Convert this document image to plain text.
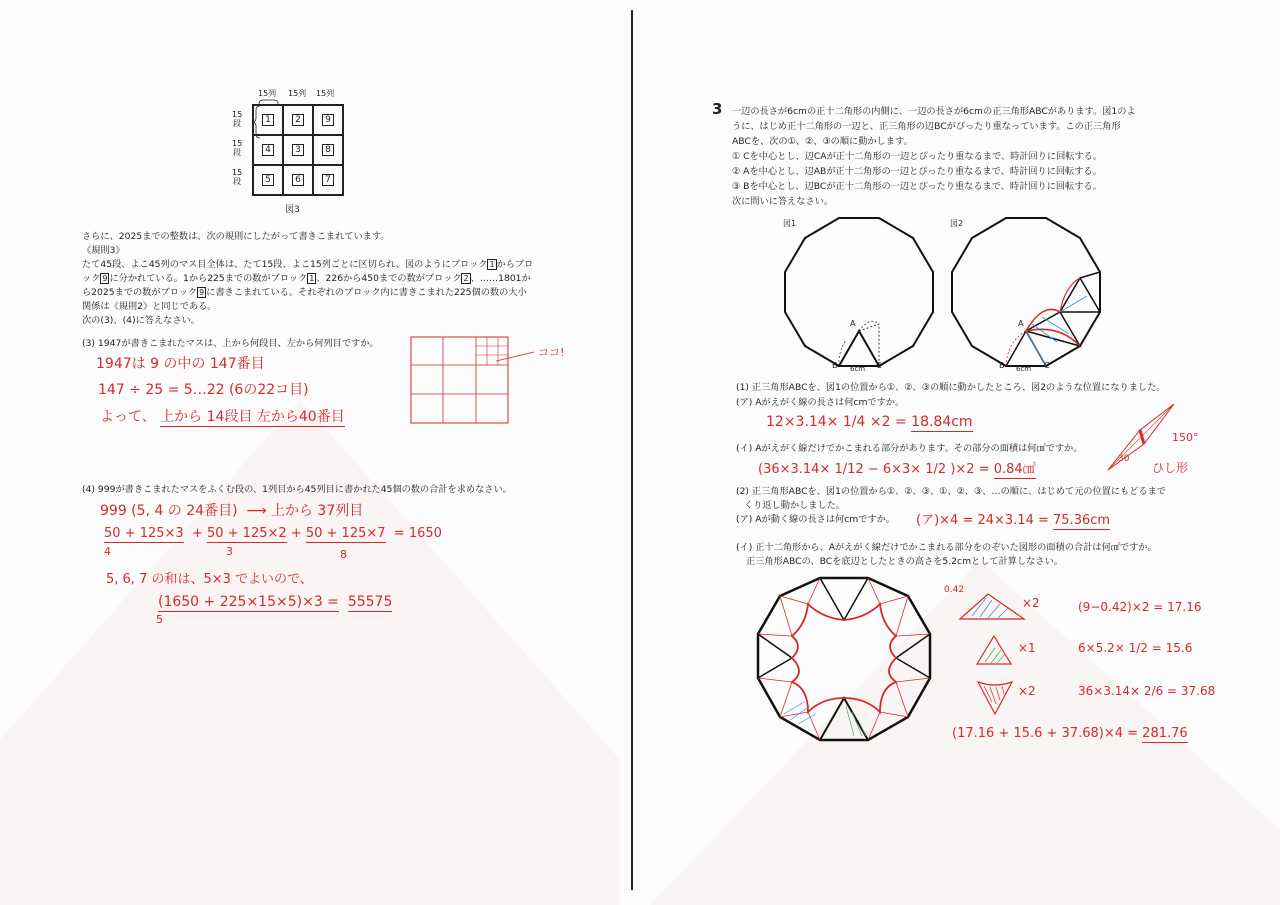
15列 15列 15列
15
段
15
段
15
段
1	2	9
4	3	8
5	6	7
図3
さらに、2025までの整数は、次の規則にしたがって書きこまれています。
《規則3》
たて45段、よこ45列のマス目全体は、たて15段、よこ15列ごとに区切られ、図のようにブロック 1 からブロ
ック 9 に分かれている。1から225までの数がブロック 1 、226から450までの数がブロック 2 、……1801か
ら2025までの数がブロック 9 に書きこまれている。それぞれのブロック内に書きこまれた225個の数の大小
関係は《規則2》と同じである。
次の(3)、(4)に答えなさい。
(3) 1947が書きこまれたマスは、上から何段目、左から何列目ですか。
1947は 9 の中の 147番目
147 ÷ 25 = 5…22 (6の22コ目)
よって、 上から 14段目 左から40番目
ココ!
(4) 999が書きこまれたマスをふくむ段の、1列目から45列目に書かれた45個の数の合計を求めなさい。
999 (5, 4 の 24番目) ⟶ 上から 37列目
50 + 125×3 + 50 + 125×2 + 50 + 125×7 = 1650
4	3	8
5, 6, 7 の和は、5×3 でよいので、
(1650 + 225×15×5)×3 = 55575
5
3 一辺の長さが6cmの正十二角形の内側に、一辺の長さが6cmの正三角形ABCがあります。図1のよ
うに、はじめ正十二角形の一辺と、正三角形の辺BCがぴったり重なっています。この正三角形
ABCを、次の①、②、③の順に動かします。
① Cを中心とし、辺CAが正十二角形の一辺とぴったり重なるまで、時計回りに回転する。
② Aを中心とし、辺ABが正十二角形の一辺とぴったり重なるまで、時計回りに回転する。
③ Bを中心とし、辺BCが正十二角形の一辺とぴったり重なるまで、時計回りに回転する。
次に問いに答えなさい。
図1
A
B	C
6cm
図2
A
B	C
6cm
(1) 正三角形ABCを、図1の位置から①、②、③の順に動かしたところ、図2のような位置になりました。
(ア) Aがえがく線の長さは何cmですか。
12×3.14× 1/4 ×2 = 18.84cm
(イ) Aがえがく線だけでかこまれる部分があります。その部分の面積は何㎠ですか。
(36×3.14× 1/12 − 6×3× 1/2 )×2 = 0.84㎠
150°
30
ひし形
(2) 正三角形ABCを、図1の位置から①、②、③、①、②、③、…の順に、はじめて元の位置にもどるまで
くり返し動かしました。
(ア) Aが動く線の長さは何cmですか。 (ア)×4 = 24×3.14 = 75.36cm
(イ) 正十二角形から、Aがえがく線だけでかこまれる部分をのぞいた図形の面積の合計は何㎠ですか。
正三角形ABCの、BCを底辺としたときの高さを5.2cmとして計算しなさい。
0.42
×2	(9−0.42)×2 = 17.16
×1	6×5.2× 1/2 = 15.6
×2	36×3.14× 2/6 = 37.68
(17.16 + 15.6 + 37.68)×4 = 281.76
